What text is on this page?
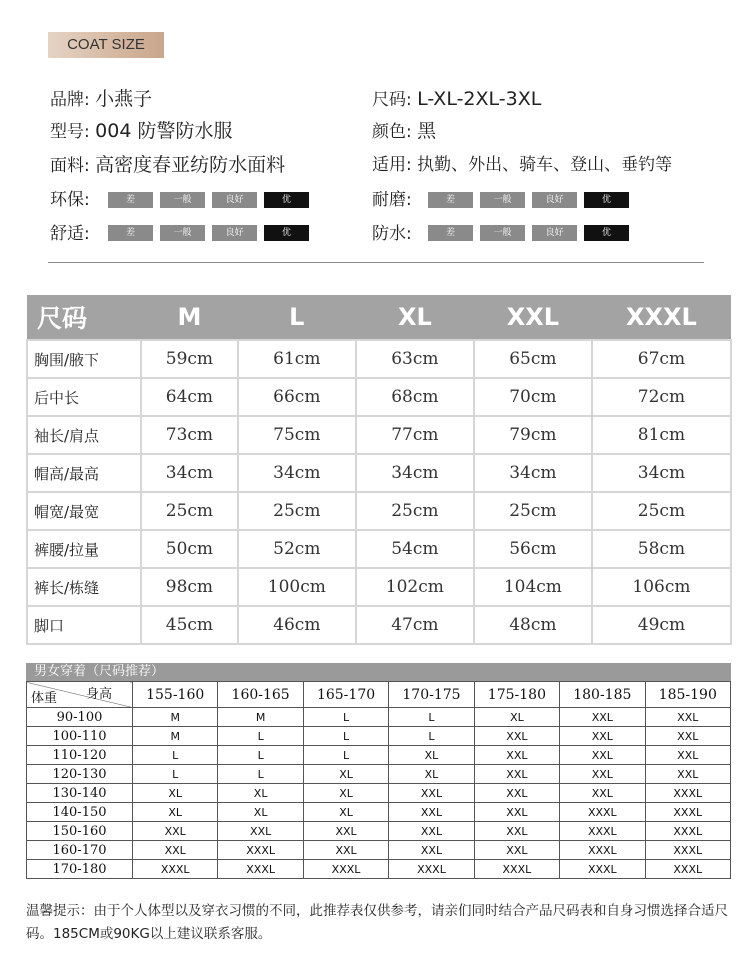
COAT SIZE
品牌: 小燕子	尺码: L-XL-2XL-3XL
型号: 004 防警防水服	颜色: 黑
面料: 高密度春亚纺防水面料	适用: 执勤、外出、骑车、登山、垂钓等
环保:	差	一般	良好	优	耐磨:	差	一般	良好	优
舒适:	差	一般	良好	优	防水:	差	一般	良好	优
尺码	M	L	XL	XXL	XXXL
胸围/腋下	59cm	61cm	63cm	65cm	67cm
后中长	64cm	66cm	68cm	70cm	72cm
袖长/肩点	73cm	75cm	77cm	79cm	81cm
帽高/最高	34cm	34cm	34cm	34cm	34cm
帽宽/最宽	25cm	25cm	25cm	25cm	25cm
裤腰/拉量	50cm	52cm	54cm	56cm	58cm
裤长/栋缝	98cm	100cm	102cm	104cm	106cm
脚口	45cm	46cm	47cm	48cm	49cm
男女穿着（尺码推荐）
身高
体重	155-160	160-165	165-170	170-175	175-180	180-185	185-190
90-100	M	M	L	L	XL	XXL	XXL
100-110	M	L	L	L	XXL	XXL	XXL
110-120	L	L	L	XL	XXL	XXL	XXL
120-130	L	L	XL	XL	XXL	XXL	XXL
130-140	XL	XL	XL	XXL	XXL	XXL	XXXL
140-150	XL	XL	XL	XXL	XXL	XXXL	XXXL
150-160	XXL	XXL	XXL	XXL	XXL	XXXL	XXXL
160-170	XXL	XXXL	XXL	XXL	XXL	XXXL	XXXL
170-180	XXXL	XXXL	XXXL	XXXL	XXXL	XXXL	XXXL
温馨提示：由于个人体型以及穿衣习惯的不同，此推荐表仅供参考，请亲们同时结合产品尺码表和自身习惯选择合适尺码。185CM或90KG以上建议联系客服。
